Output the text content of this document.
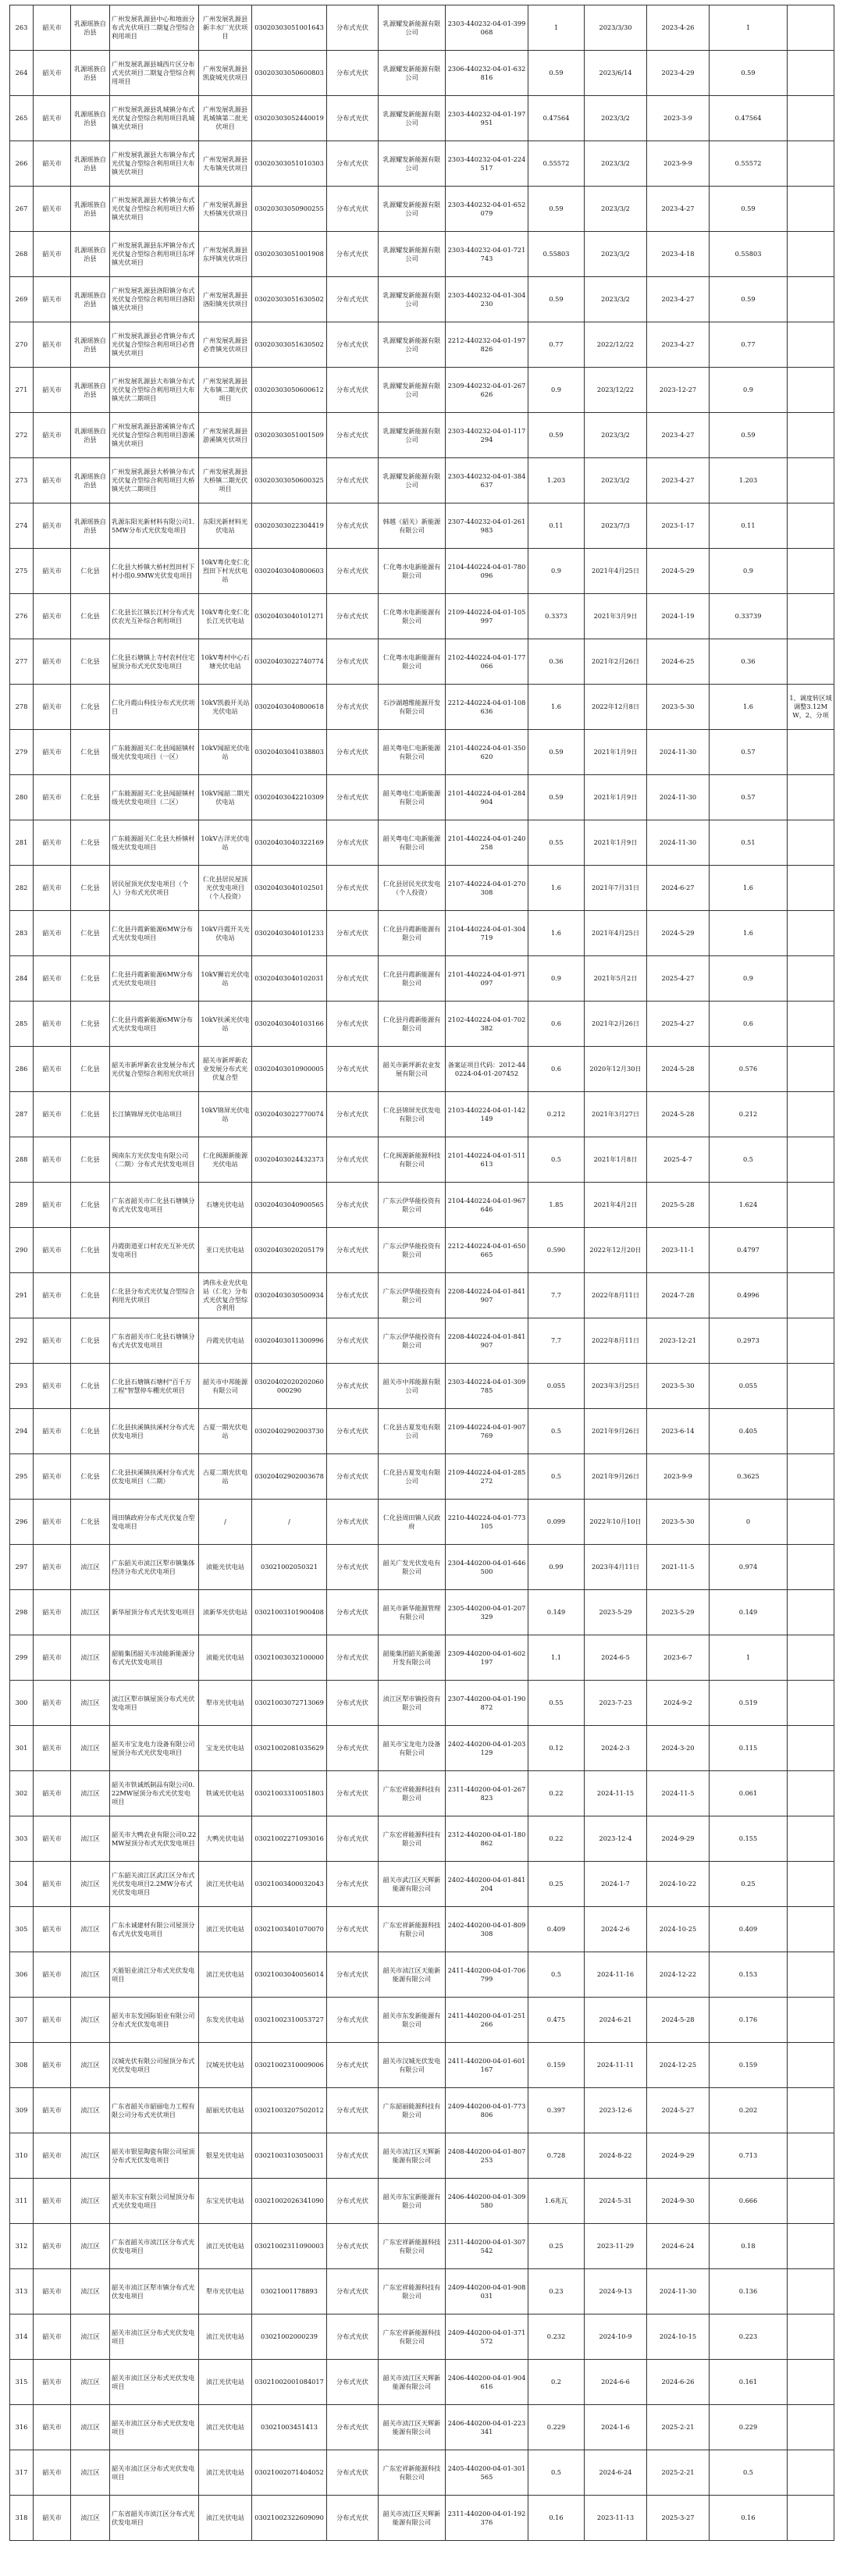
263	韶关市	乳源瑶族自治县	广州发展乳源县中心和地面分布式光伏项目二期复合型综合利用项目	广州发展乳源县新丰水厂光伏项目	03020303051001643	分布式光伏	乳源耀发新能源有限公司	2303-440232-04-01-399068	1	2023/3/30	2023-4-26	1	
264	韶关市	乳源瑶族自治县	广州发展乳源县城西片区分布式光伏项目二期复合型综合利用项目	广州发展乳源县凯旋城光伏项目	03020303050600803	分布式光伏	乳源耀发新能源有限公司	2306-440232-04-01-632816	0.59	2023/6/14	2023-4-29	0.59	
265	韶关市	乳源瑶族自治县	广州发展乳源县乳城镇分布式光伏复合型综合利用项目乳城镇光伏项目	广州发展乳源县乳城镇第二批光伏项目	03020303052440019	分布式光伏	乳源耀发新能源有限公司	2303-440232-04-01-197951	0.47564	2023/3/2	2023-3-9	0.47564	
266	韶关市	乳源瑶族自治县	广州发展乳源县大布镇分布式光伏复合型综合利用项目大布镇光伏项目	广州发展乳源县大布镇光伏项目	03020303051010303	分布式光伏	乳源耀发新能源有限公司	2303-440232-04-01-224517	0.55572	2023/3/2	2023-9-9	0.55572	
267	韶关市	乳源瑶族自治县	广州发展乳源县大桥镇分布式光伏复合型综合利用项目大桥镇光伏项目	广州发展乳源县大桥镇光伏项目	03020303050900255	分布式光伏	乳源耀发新能源有限公司	2303-440232-04-01-652079	0.59	2023/3/2	2023-4-27	0.59	
268	韶关市	乳源瑶族自治县	广州发展乳源县东坪镇分布式光伏复合型综合利用项目东坪镇光伏项目	广州发展乳源县东坪镇光伏项目	03020303051001908	分布式光伏	乳源耀发新能源有限公司	2303-440232-04-01-721743	0.55803	2023/3/2	2023-4-18	0.55803	
269	韶关市	乳源瑶族自治县	广州发展乳源县洛阳镇分布式光伏复合型综合利用项目洛阳镇光伏项目	广州发展乳源县洛阳镇光伏项目	03020303051630502	分布式光伏	乳源耀发新能源有限公司	2303-440232-04-01-304230	0.59	2023/3/2	2023-4-27	0.59	
270	韶关市	乳源瑶族自治县	广州发展乳源县必背镇分布式光伏复合型综合利用项目必背镇光伏项目	广州发展乳源县必背镇光伏项目	03020303051630502	分布式光伏	乳源耀发新能源有限公司	2212-440232-04-01-197826	0.77	2022/12/22	2023-4-27	0.77	
271	韶关市	乳源瑶族自治县	广州发展乳源县大布镇分布式光伏复合型综合利用项目大布镇光伏二期项目	广州发展乳源县大布镇二期光伏项目	03020303050600612	分布式光伏	乳源耀发新能源有限公司	2309-440232-04-01-267626	0.9	2023/12/22	2023-12-27	0.9	
272	韶关市	乳源瑶族自治县	广州发展乳源县游溪镇分布式光伏复合型综合利用项目游溪镇光伏项目	广州发展乳源县游溪镇光伏项目	03020303051001509	分布式光伏	乳源耀发新能源有限公司	2303-440232-04-01-117294	0.59	2023/3/2	2023-4-27	0.59	
273	韶关市	乳源瑶族自治县	广州发展乳源县大桥镇分布式光伏复合型综合利用项目大桥镇光伏二期项目	广州发展乳源县大桥镇二期光伏项目	03020303050600325	分布式光伏	乳源耀发新能源有限公司	2303-440232-04-01-384637	1.203	2023/3/2	2023-4-27	1.203	
274	韶关市	乳源瑶族自治县	乳源东阳光新材料有限公司1.5MW分布式光伏发电项目	东阳光新材料光伏电站	03020303022304419	分布式光伏	韩越（韶关）新能源有限公司	2307-440232-04-01-261983	0.11	2023/7/3	2023-1-17	0.11	
275	韶关市	仁化县	仁化县大桥镇大桥村烈田村下村小组0.9MW光伏发电项目	10kV粤化变仁化烈田下村光伏电站	03020403040800603	分布式光伏	仁化粤水电新能源有限公司	2104-440224-04-01-780096	0.9	2021年4月25日	2024-5-29	0.9	
276	韶关市	仁化县	仁化县长江镇长江村分布式光伏农光互补综合利用项目	10kV粤化变仁化长江光伏电站	03020403040101271	分布式光伏	仁化粤水电新能源有限公司	2109-440224-04-01-105997	0.3373	2021年3月9日	2024-1-19	0.33739	
277	韶关市	仁化县	仁化县石塘镇上寺村农村住宅屋顶分布式光伏发电项目	10kV粤村中心石塘光伏电站	03020403022740774	分布式光伏	仁化粤水电新能源有限公司	2102-440224-04-01-177066	0.36	2021年2月26日	2024-6-25	0.36	
278	韶关市	仁化县	仁化丹霞山科技分布式光伏项目	10kV凯毅开关站光伏电站	03020403040800618	分布式光伏	石沙湖越维能源开发有限公司	2212-440224-04-01-108636	1.6	2022年12月8日	2023-5-30	1.6	1、调度转区域调整3.12MW，2、分项
279	韶关市	仁化县	广东能源韶关仁化县闻韶镇村级光伏发电项目（一区）	10kV闻韶光伏电站	03020403041038803	分布式光伏	韶关粤电仁电新能源有限公司	2101-440224-04-01-350620	0.59	2021年1月9日	2024-11-30	0.57	
280	韶关市	仁化县	广东能源韶关仁化县闻韶镇村级光伏发电项目（二区）	10kV闻韶二期光伏电站	03020403042210309	分布式光伏	韶关粤电仁电新能源有限公司	2101-440224-04-01-284904	0.59	2021年1月9日	2024-11-30	0.57	
281	韶关市	仁化县	广东能源韶关仁化县大桥镇村级光伏发电项目	10kV古洋光伏电站	03020403040322169	分布式光伏	韶关粤电仁电新能源有限公司	2101-440224-04-01-240258	0.55	2021年1月9日	2024-11-30	0.51	
282	韶关市	仁化县	居民屋顶光伏发电项目（个人）分布式光伏项目	仁化县居民屋顶光伏发电项目（个人投资）	03020403040102501	分布式光伏	仁化县居民光伏发电（个人投资）	2107-440224-04-01-270308	1.6	2021年7月31日	2024-6-27	1.6	
283	韶关市	仁化县	仁化县丹霞新能源6MW分布式光伏发电项目	10kV丹霞开关光伏电站	03020403040101233	分布式光伏	仁化县丹霞新能源有限公司	2104-440224-04-01-304719	1.6	2021年4月25日	2024-5-29	1.6	
284	韶关市	仁化县	仁化县丹霞新能源6MW分布式光伏发电项目	10kV狮岩光伏电站	03020403040102031	分布式光伏	仁化县丹霞新能源有限公司	2101-440224-04-01-971097	0.9	2021年5月2日	2025-4-27	0.9	
285	韶关市	仁化县	仁化县丹霞新能源6MW分布式光伏发电项目	10kV扶溪光伏电站	03020403040103166	分布式光伏	仁化县丹霞新能源有限公司	2102-440224-04-01-702382	0.6	2021年2月26日	2025-4-27	0.6	
286	韶关市	仁化县	韶关市新坪新农业发展分布式光伏复合型综合利用光伏项目	韶关市新坪新农业发展分布式光伏复合型	03020403010900005	分布式光伏	韶关市新坪新农业发展有限公司	备案证项目代码：2012-440224-04-01-207452	0.6	2020年12月30日	2024-5-28	0.576	
287	韶关市	仁化县	长江镇锦屏光伏电站项目	10kV锦屏光伏电站	03020403022770074	分布式光伏	仁化县锦屏光伏发电有限公司	2103-440224-04-01-142149	0.212	2021年3月27日	2024-5-28	0.212	
288	韶关市	仁化县	闽南东方光伏发电有限公司（二期）分布式光伏发电项目	仁化闽源新能源光伏电站	03020403024432373	分布式光伏	仁化闽源新能源科技有限公司	2101-440224-04-01-511613	0.5	2021年1月8日	2025-4-7	0.5	
289	韶关市	仁化县	广东省韶关市仁化县石塘镇分布式光伏发电项目	石塘光伏电站	03020403040900565	分布式光伏	广东云伊华能投资有限公司	2104-440224-04-01-967646	1.85	2021年4月2日	2025-5-28	1.624	
290	韶关市	仁化县	丹霞街道亚口村农光互补光伏发电项目	亚口光伏电站	03020403020205179	分布式光伏	广东云伊华能投资有限公司	2212-440224-04-01-650665	0.590	2022年12月20日	2023-11-1	0.4797	
291	韶关市	仁化县	仁化县分布式光伏复合型综合利用光伏项目	鸿伟永业光伏电站（仁化）分布式光伏复合型综合利用	03020403030500934	分布式光伏	广东云伊华能投资有限公司	2208-440224-04-01-841907	7.7	2022年8月11日	2024-7-28	0.4996	
292	韶关市	仁化县	广东省韶关市仁化县石塘镇分布式光伏发电项目	丹霞光伏电站	03020403011300996	分布式光伏	广东云伊华能投资有限公司	2208-440224-04-01-841907	7.7	2022年8月11日	2023-12-21	0.2973	
293	韶关市	仁化县	仁化县石塘镇石塘村"百千万工程"智慧停车棚光伏项目	韶关市中邦能源有限公司	03020402020202060000290	分布式光伏	韶关市中邦能源有限公司	2303-440224-04-01-309785	0.055	2023年3月25日	2023-5-30	0.055	
294	韶关市	仁化县	仁化县扶溪镇扶溪村分布式光伏发电项目	古夏一期光伏电站	03020402902003730	分布式光伏	仁化县古夏发电有限公司	2109-440224-04-01-907769	0.5	2021年9月26日	2023-6-14	0.405	
295	韶关市	仁化县	仁化县扶溪镇扶溪村分布式光伏发电项目（二期）	古夏二期光伏电站	03020402902003678	分布式光伏	仁化县古夏发电有限公司	2109-440224-04-01-285272	0.5	2021年9月26日	2023-9-9	0.3625	
296	韶关市	仁化县	周田镇政府分布式光伏复合型发电项目	/	/	分布式光伏	仁化县周田镇人民政府	2210-440224-04-01-773105	0.099	2022年10月10日	2023-5-30	0	
297	韶关市	浈江区	广东韶关市浈江区犁市镇集体经济分布式光伏电项目	浈能光伏电站	03021002050321	分布式光伏	韶关广发光伏发电有限公司	2304-440200-04-01-646500	0.99	2023年4月11日	2021-11-5	0.974	
298	韶关市	浈江区	新华屋顶分布式光伏发电项目	浈新华光伏电站	03021003101900408	分布式光伏	韶关市新华能源管理有限公司	2305-440200-04-01-207329	0.149	2023-5-29	2023-5-29	0.149	
299	韶关市	浈江区	韶能集团韶关市浈能新能源分布式光伏发电项目	浈能光伏电站	03021003032100000	分布式光伏	韶能集团韶关新能源开发有限公司	2309-440200-04-01-602197	1.1	2024-6-5	2023-6-7	1	
300	韶关市	浈江区	浈江区犁市镇屋顶分布式光伏发电项目	犁市光伏电站	03021003072713069	分布式光伏	浈江区犁市镇投资有限公司	2307-440200-04-01-190872	0.55	2023-7-23	2024-9-2	0.519	
301	韶关市	浈江区	韶关市宝龙电力设备有限公司屋顶分布式光伏发电项目	宝龙光伏电站	03021002081035629	分布式光伏	韶关市宝龙电力设备有限公司	2402-440200-04-01-203129	0.12	2024-2-3	2024-3-20	0.115	
302	韶关市	浈江区	韶关市铁诚纸制品有限公司0.22MW屋顶分布式光伏发电项目	铁诚光伏电站	03021003310051803	分布式光伏	广东宏祥能源科技有限公司	2311-440200-04-01-267823	0.22	2024-11-15	2024-11-5	0.061	
303	韶关市	浈江区	韶关市大鸭农业有限公司0.22MW屋顶分布式光伏发电项目	大鸭光伏电站	03021002271093016	分布式光伏	广东宏祥能源科技有限公司	2312-440200-04-01-180862	0.22	2023-12-4	2024-9-29	0.155	
304	韶关市	浈江区	广东韶关浈江区武江区分布式光伏发电项目2.2MW分布式光伏发电项目	浈江光伏电站	03021003400032043	分布式光伏	韶关市武江区天辉新能源有限公司	2402-440200-04-01-841204	0.25	2024-1-7	2024-10-22	0.25	
305	韶关市	浈江区	广东永诚建材有限公司屋顶分布式光伏发电项目	浈江光伏电站	03021003401070070	分布式光伏	广东宏祥新能源科技有限公司	2402-440200-04-01-809308	0.409	2024-2-6	2024-10-25	0.409	
306	韶关市	浈江区	天能铝业浈江分布式光伏发电项目	浈江光伏电站	03021003040056014	分布式光伏	韶关市浈江区天能新能源有限公司	2411-440200-04-01-706799	0.5	2024-11-16	2024-12-22	0.153	
307	韶关市	浈江区	韶关市东发国际铝业有限公司分布式光伏发电项目	东发光伏电站	03021002310053727	分布式光伏	韶关市东发新能源有限公司	2411-440200-04-01-251266	0.475	2024-6-21	2024-5-28	0.176	
308	韶关市	浈江区	汉城光伏有限公司屋顶分布式光伏发电项目	汉城光伏电站	03021002310009006	分布式光伏	韶关市汉城光伏发电有限公司	2411-440200-04-01-601167	0.159	2024-11-11	2024-12-25	0.159	
309	韶关市	浈江区	广东省韶关市韶丽电力工程有限公司分布式光伏项目	韶丽光伏电站	03021003207502012	分布式光伏	广东韶丽能源科技有限公司	2409-440200-04-01-773806	0.397	2023-12-6	2024-5-27	0.202	
310	韶关市	浈江区	韶关市银星陶瓷有限公司屋顶分布式光伏发电项目	银星光伏电站	03021003103050031	分布式光伏	韶关市浈江区天辉新能源有限公司	2408-440200-04-01-807253	0.728	2024-8-22	2024-9-29	0.713	
311	韶关市	浈江区	韶关市东宝有限公司屋顶分布式光伏发电项目	东宝光伏电站	03021002026341090	分布式光伏	韶关市东宝新能源有限公司	2406-440200-04-01-309580	1.6兆瓦	2024-5-31	2024-9-30	0.666	
312	韶关市	浈江区	广东省韶关市浈江区分布式光伏发电项目	浈江光伏电站	03021002311090003	分布式光伏	广东宏祥新能源科技有限公司	2311-440200-04-01-307542	0.25	2023-11-29	2024-6-24	0.18	
313	韶关市	浈江区	韶关市浈江区犁市镇分布式光伏发电项目	犁市光伏电站	03021001178893	分布式光伏	广东宏祥能源科技有限公司	2409-440200-04-01-908031	0.23	2024-9-13	2024-11-30	0.136	
314	韶关市	浈江区	韶关市浈江区分布式光伏发电项目	浈江光伏电站	03021002000239	分布式光伏	广东宏祥新能源科技有限公司	2409-440200-04-01-371572	0.232	2024-10-9	2024-10-15	0.223	
315	韶关市	浈江区	韶关市浈江区分布式光伏发电项目	浈江光伏电站	03021002001084017	分布式光伏	韶关市浈江区天辉新能源有限公司	2406-440200-04-01-904616	0.2	2024-6-6	2024-6-26	0.161	
316	韶关市	浈江区	韶关市浈江区分布式光伏发电项目	浈江光伏电站	03021003451413	分布式光伏	韶关市浈江区天辉新能源有限公司	2406-440200-04-01-223341	0.229	2024-1-6	2025-2-21	0.229	
317	韶关市	浈江区	韶关市浈江区分布式光伏发电项目	浈江光伏电站	03021002071404052	分布式光伏	广东宏祥新能源科技有限公司	2405-440200-04-01-301565	0.5	2024-6-24	2025-2-21	0.5	
318	韶关市	浈江区	广东省韶关市浈江区分布式光伏发电项目	浈江光伏电站	03021002322609090	分布式光伏	韶关市浈江区天辉新能源有限公司	2311-440200-04-01-192376	0.16	2023-11-13	2025-3-27	0.16	
